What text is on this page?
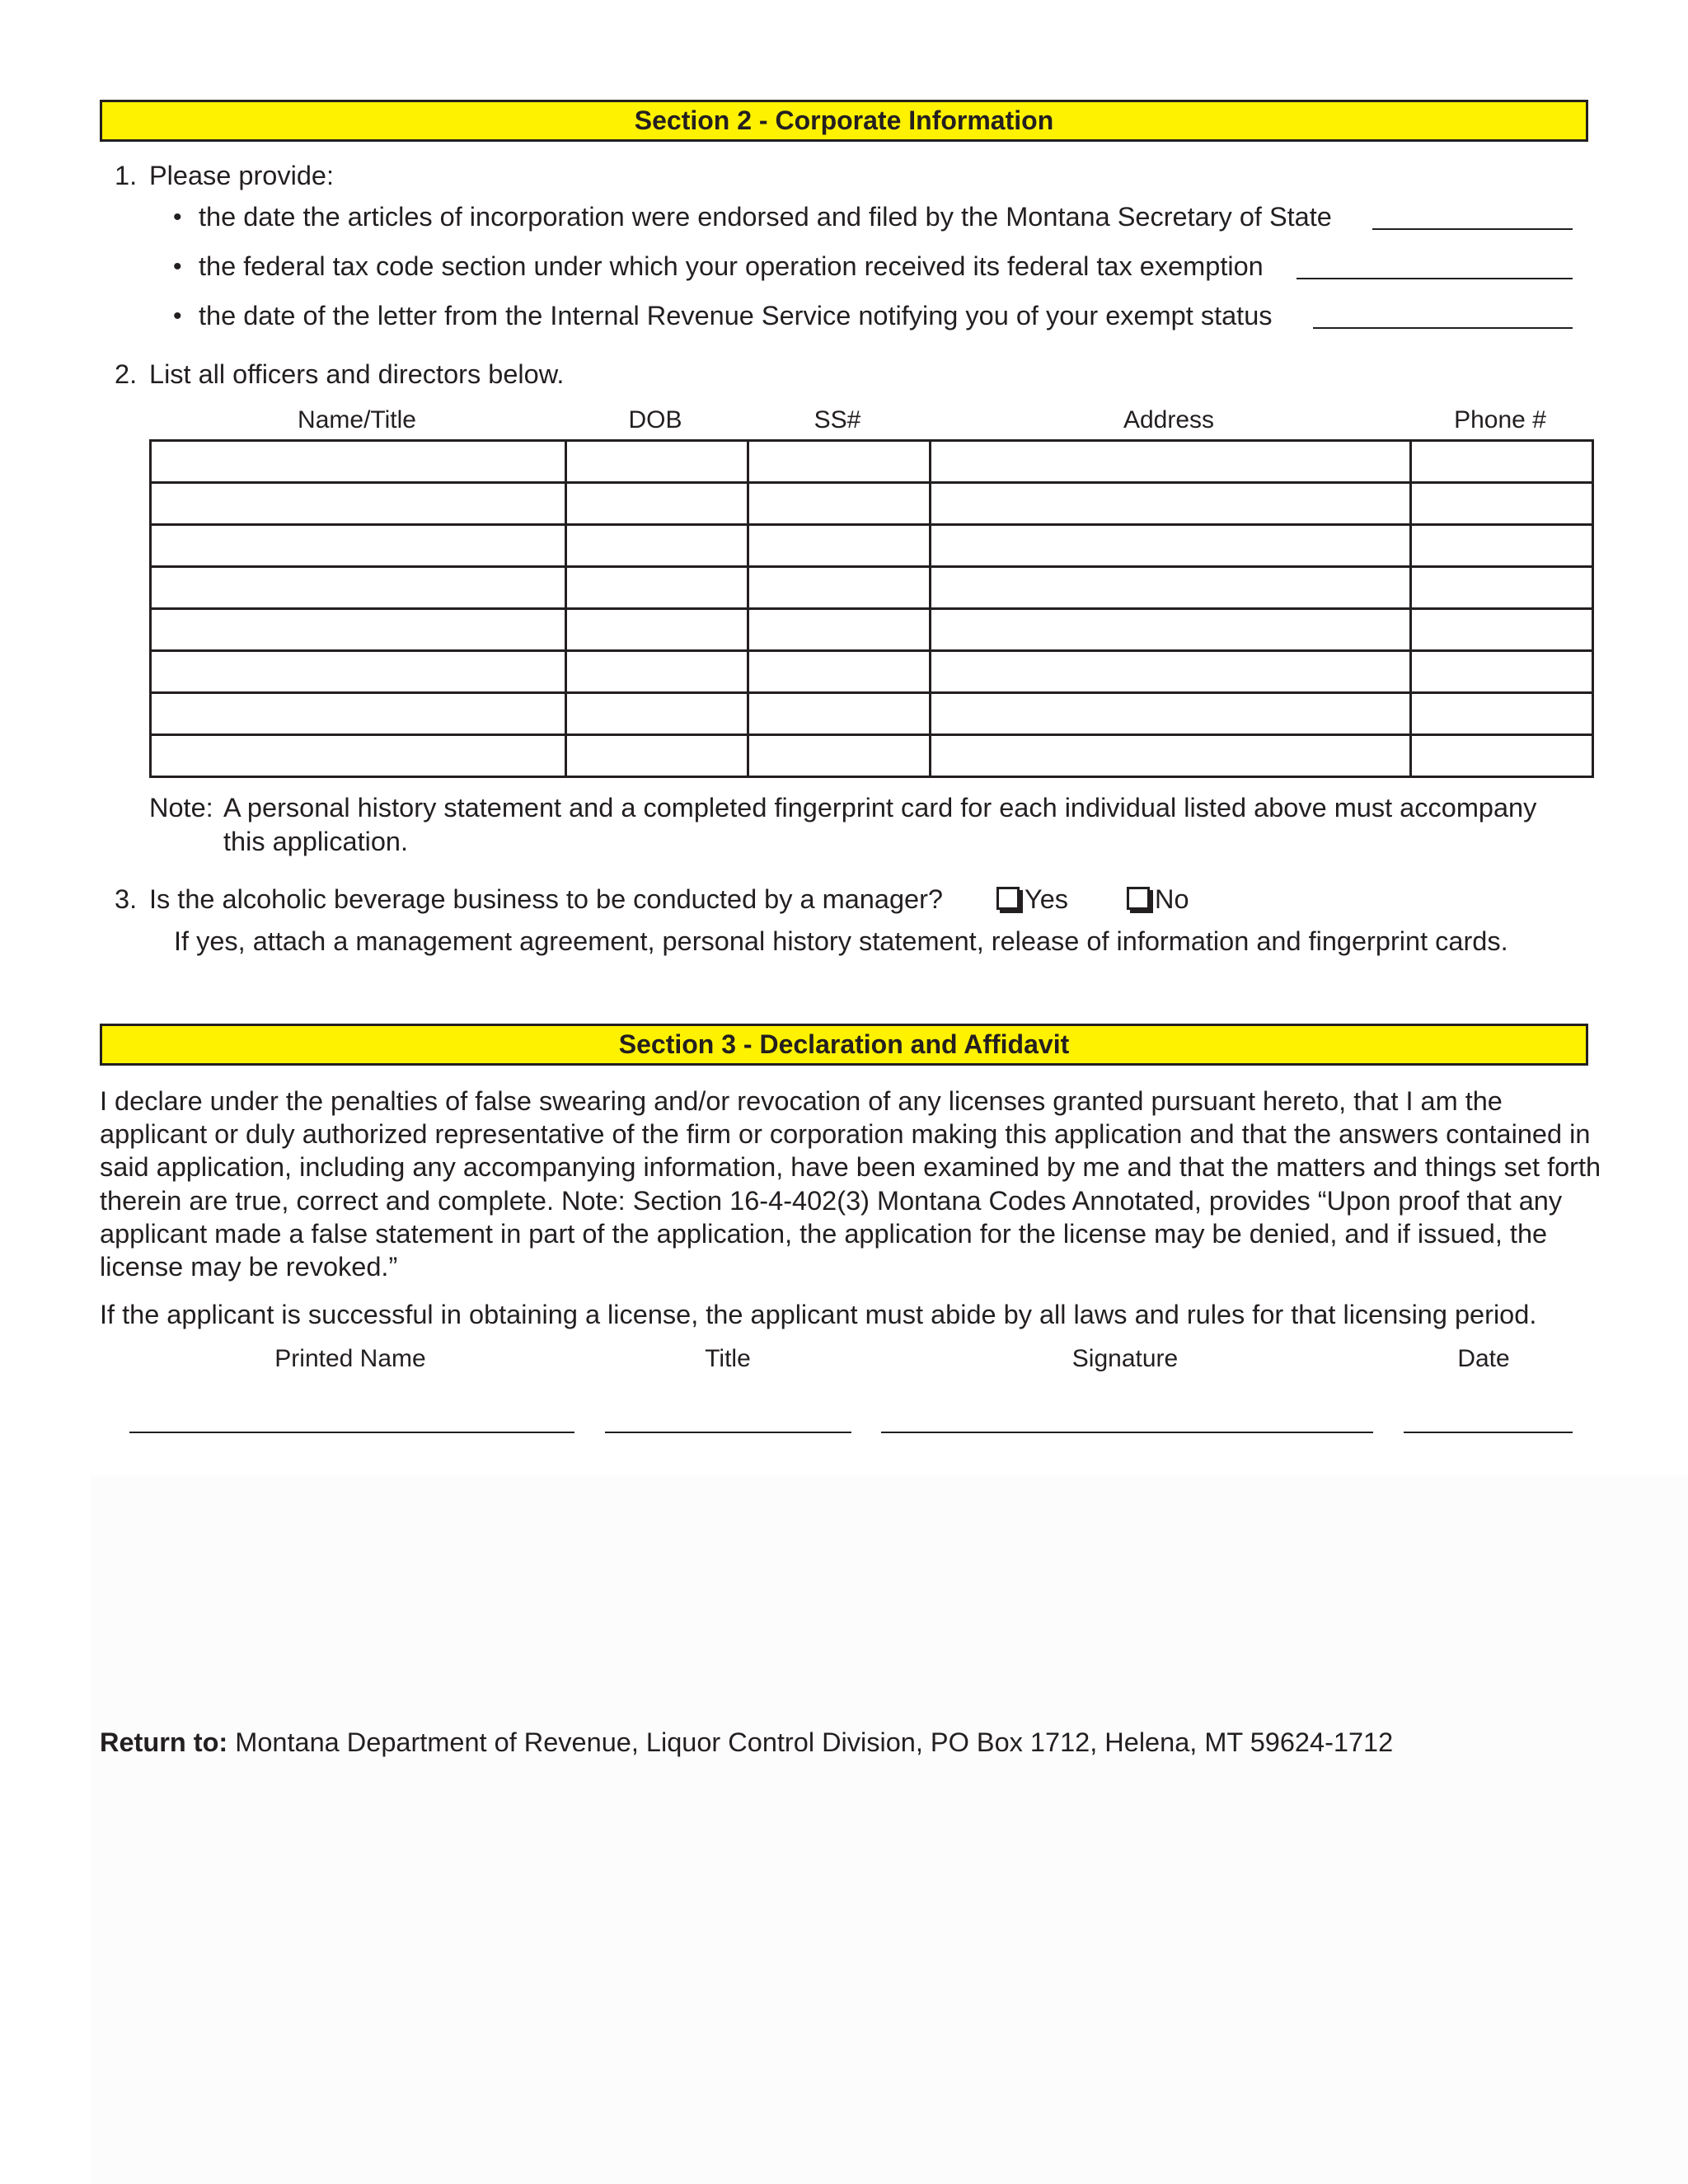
Section 2 - Corporate Information
1. Please provide:
• the date the articles of incorporation were endorsed and filed by the Montana Secretary of State
• the federal tax code section under which your operation received its federal tax exemption
• the date of the letter from the Internal Revenue Service notifying you of your exempt status
2. List all officers and directors below.
Name/Title	DOB	SS#	Address	Phone #

Note: A personal history statement and a completed fingerprint card for each individual listed above must accompany
this application.
3. Is the alcoholic beverage business to be conducted by a manager?	Yes	No
If yes, attach a management agreement, personal history statement, release of information and fingerprint cards.
Section 3 - Declaration and Affidavit
I declare under the penalties of false swearing and/or revocation of any licenses granted pursuant hereto, that I am the applicant or duly authorized representative of the firm or corporation making this application and that the answers contained in said application, including any accompanying information, have been examined by me and that the matters and things set forth therein are true, correct and complete. Note: Section 16-4-402(3) Montana Codes Annotated, provides “Upon proof that any applicant made a false statement in part of the application, the application for the license may be denied, and if issued, the license may be revoked.”
If the applicant is successful in obtaining a license, the applicant must abide by all laws and rules for that licensing period.
Printed Name	Title	Signature	Date
Return to: Montana Department of Revenue, Liquor Control Division, PO Box 1712, Helena, MT 59624-1712
